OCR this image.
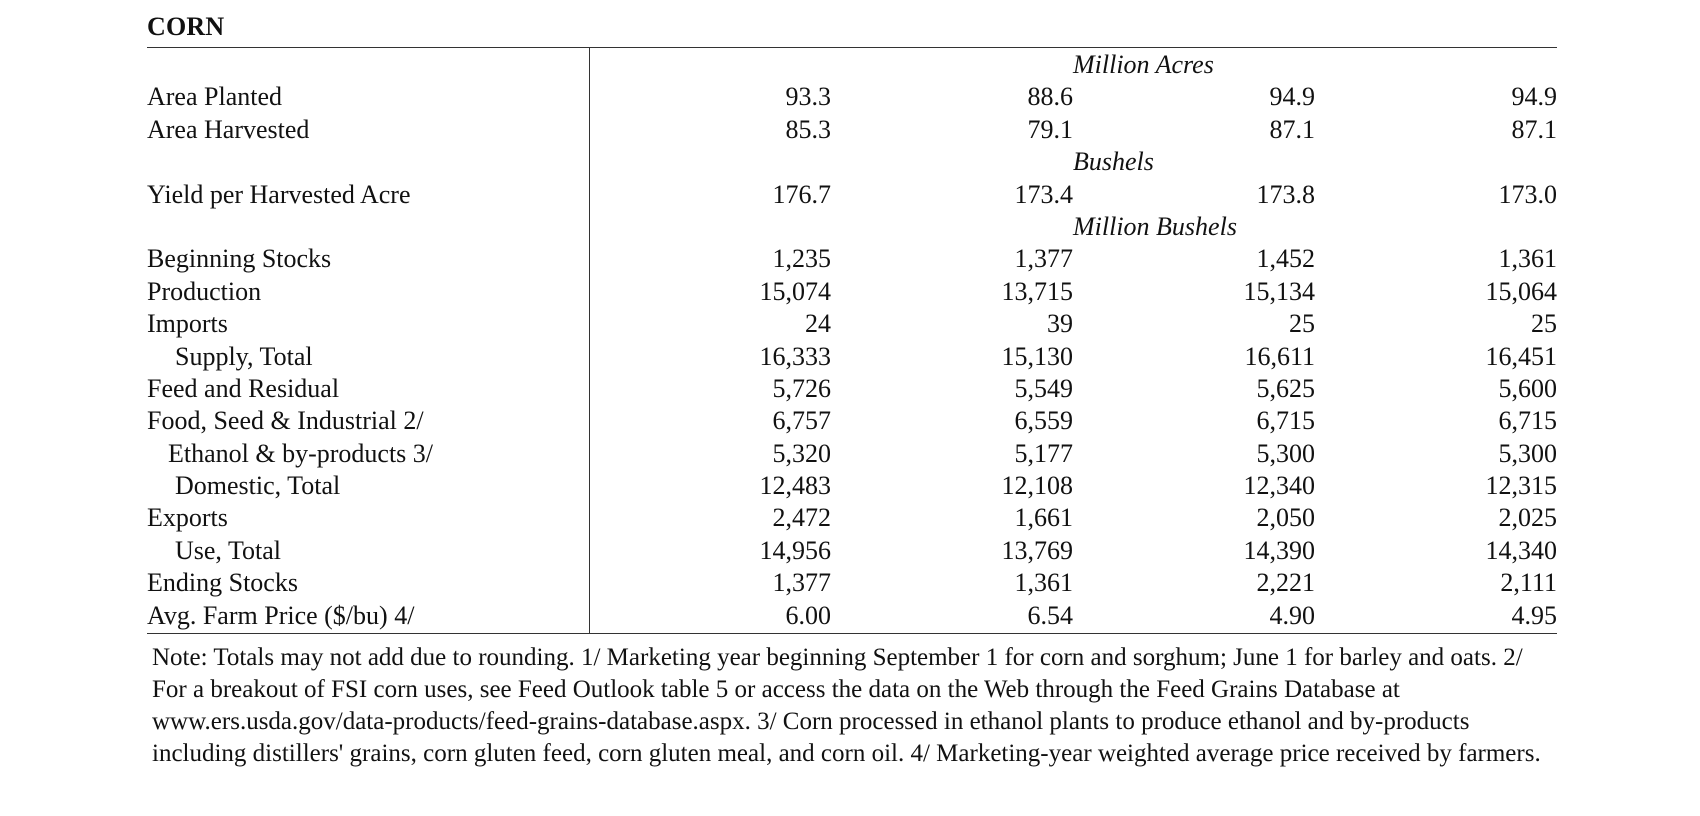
CORN
Million Acres
Area Planted	93.3	88.6	94.9	94.9
Area Harvested	85.3	79.1	87.1	87.1
Bushels
Yield per Harvested Acre	176.7	173.4	173.8	173.0
Million Bushels
Beginning Stocks	1,235	1,377	1,452	1,361
Production	15,074	13,715	15,134	15,064
Imports	24	39	25	25
Supply, Total	16,333	15,130	16,611	16,451
Feed and Residual	5,726	5,549	5,625	5,600
Food, Seed & Industrial 2/	6,757	6,559	6,715	6,715
Ethanol & by-products 3/	5,320	5,177	5,300	5,300
Domestic, Total	12,483	12,108	12,340	12,315
Exports	2,472	1,661	2,050	2,025
Use, Total	14,956	13,769	14,390	14,340
Ending Stocks	1,377	1,361	2,221	2,111
Avg. Farm Price ($/bu) 4/	6.00	6.54	4.90	4.95
Note: Totals may not add due to rounding. 1/ Marketing year beginning September 1 for corn and sorghum; June 1 for barley and oats. 2/ For a breakout of FSI corn uses, see Feed Outlook table 5 or access the data on the Web through the Feed Grains Database at www.ers.usda.gov/data-products/feed-grains-database.aspx. 3/ Corn processed in ethanol plants to produce ethanol and by-products including distillers' grains, corn gluten feed, corn gluten meal, and corn oil. 4/ Marketing-year weighted average price received by farmers.
